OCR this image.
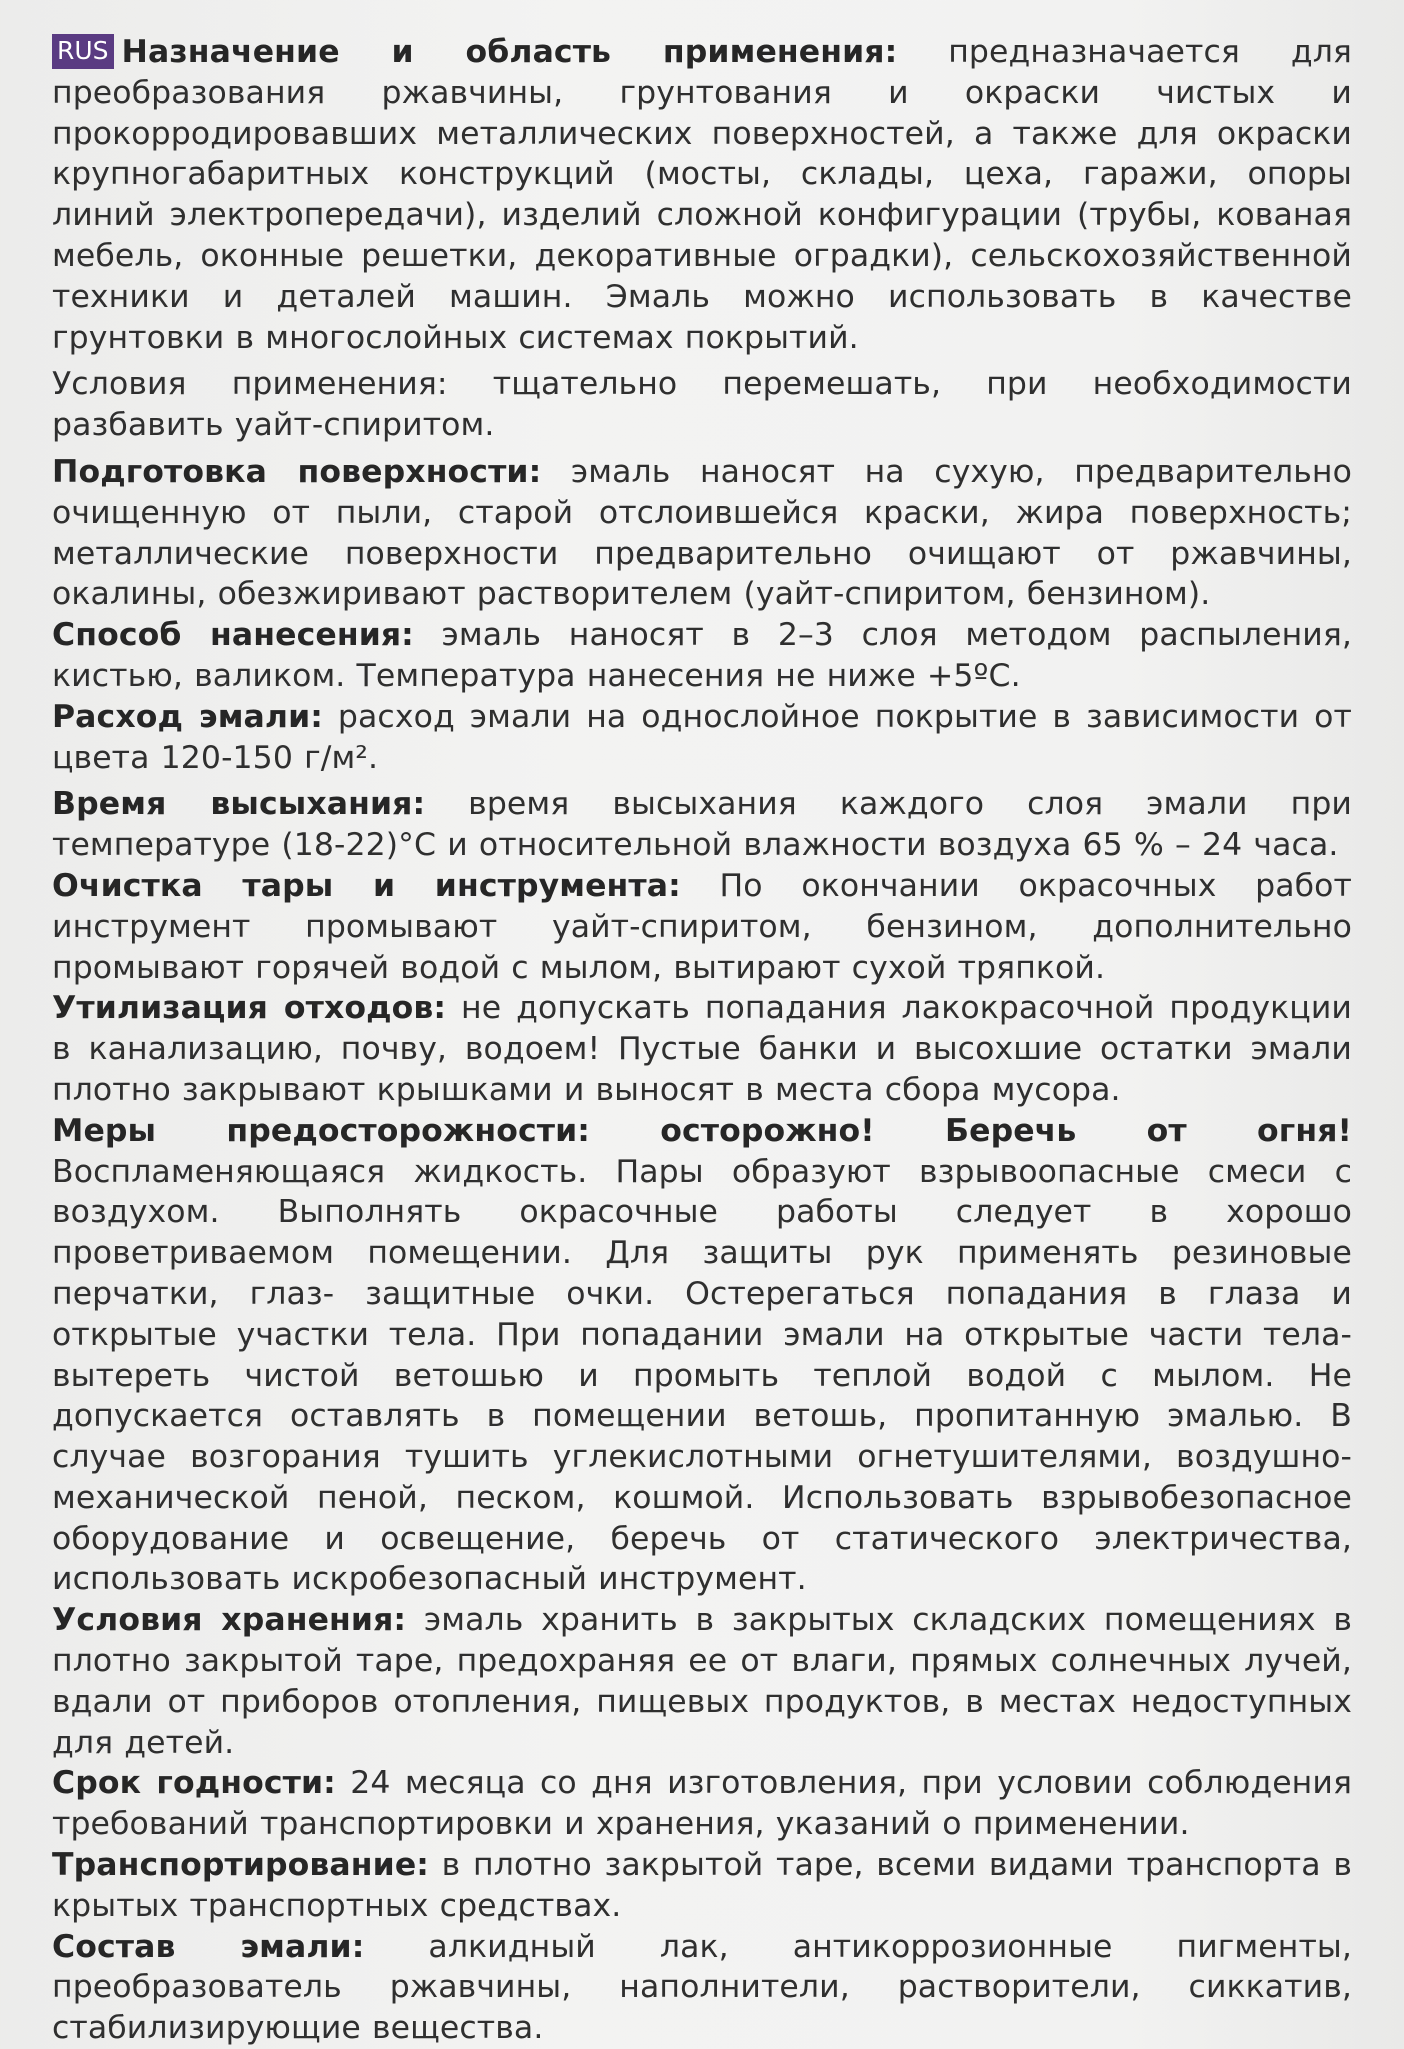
RUS Назначение и область применения: предназначается для преобразования ржавчины, грунтования и окраски чистых и прокорродировавших металлических поверхностей, а также для окраски крупногабаритных конструкций (мосты, склады, цеха, гаражи, опоры линий электропередачи), изделий сложной конфигурации (трубы, кованая мебель, оконные решетки, декоративные оградки), сельскохозяйственной техники и деталей машин. Эмаль можно использовать в качестве грунтовки в многослойных системах покрытий.

Условия применения: тщательно перемешать, при необходимости разбавить уайт-спиритом.

Подготовка поверхности: эмаль наносят на сухую, предварительно очищенную от пыли, старой отслоившейся краски, жира поверхность; металлические поверхности предварительно очищают от ржавчины, окалины, обезжиривают растворителем (уайт-спиритом, бензином).

Способ нанесения: эмаль наносят в 2–3 слоя методом распыления, кистью, валиком. Температура нанесения не ниже +5ºC.

Расход эмали: расход эмали на однослойное покрытие в зависимости от цвета 120-150 г/м².

Время высыхания: время высыхания каждого слоя эмали при температуре (18-22)°С и относительной влажности воздуха 65 % – 24 часа.

Очистка тары и инструмента: По окончании окрасочных работ инструмент промывают уайт-спиритом, бензином, дополнительно промывают горячей водой с мылом, вытирают сухой тряпкой.

Утилизация отходов: не допускать попадания лакокрасочной продукции в канализацию, почву, водоем! Пустые банки и высохшие остатки эмали плотно закрывают крышками и выносят в места сбора мусора.

Меры предосторожности: осторожно! Беречь от огня! Воспламеняющаяся жидкость. Пары образуют взрывоопасные смеси с воздухом. Выполнять окрасочные работы следует в хорошо проветриваемом помещении. Для защиты рук применять резиновые перчатки, глаз- защитные очки. Остерегаться попадания в глаза и открытые участки тела. При попадании эмали на открытые части тела- вытереть чистой ветошью и промыть теплой водой с мылом. Не допускается оставлять в помещении ветошь, пропитанную эмалью. В случае возгорания тушить углекислотными огнетушителями, воздушно-механической пеной, песком, кошмой. Использовать взрывобезопасное оборудование и освещение, беречь от статического электричества, использовать искробезопасный инструмент.

Условия хранения: эмаль хранить в закрытых складских помещениях в плотно закрытой таре, предохраняя ее от влаги, прямых солнечных лучей, вдали от приборов отопления, пищевых продуктов, в местах недоступных для детей.

Срок годности: 24 месяца со дня изготовления, при условии соблюдения требований транспортировки и хранения, указаний о применении.

Транспортирование: в плотно закрытой таре, всеми видами транспорта в крытых транспортных средствах.

Состав эмали: алкидный лак, антикоррозионные пигменты, преобразователь ржавчины, наполнители, растворители, сиккатив, стабилизирующие вещества.
